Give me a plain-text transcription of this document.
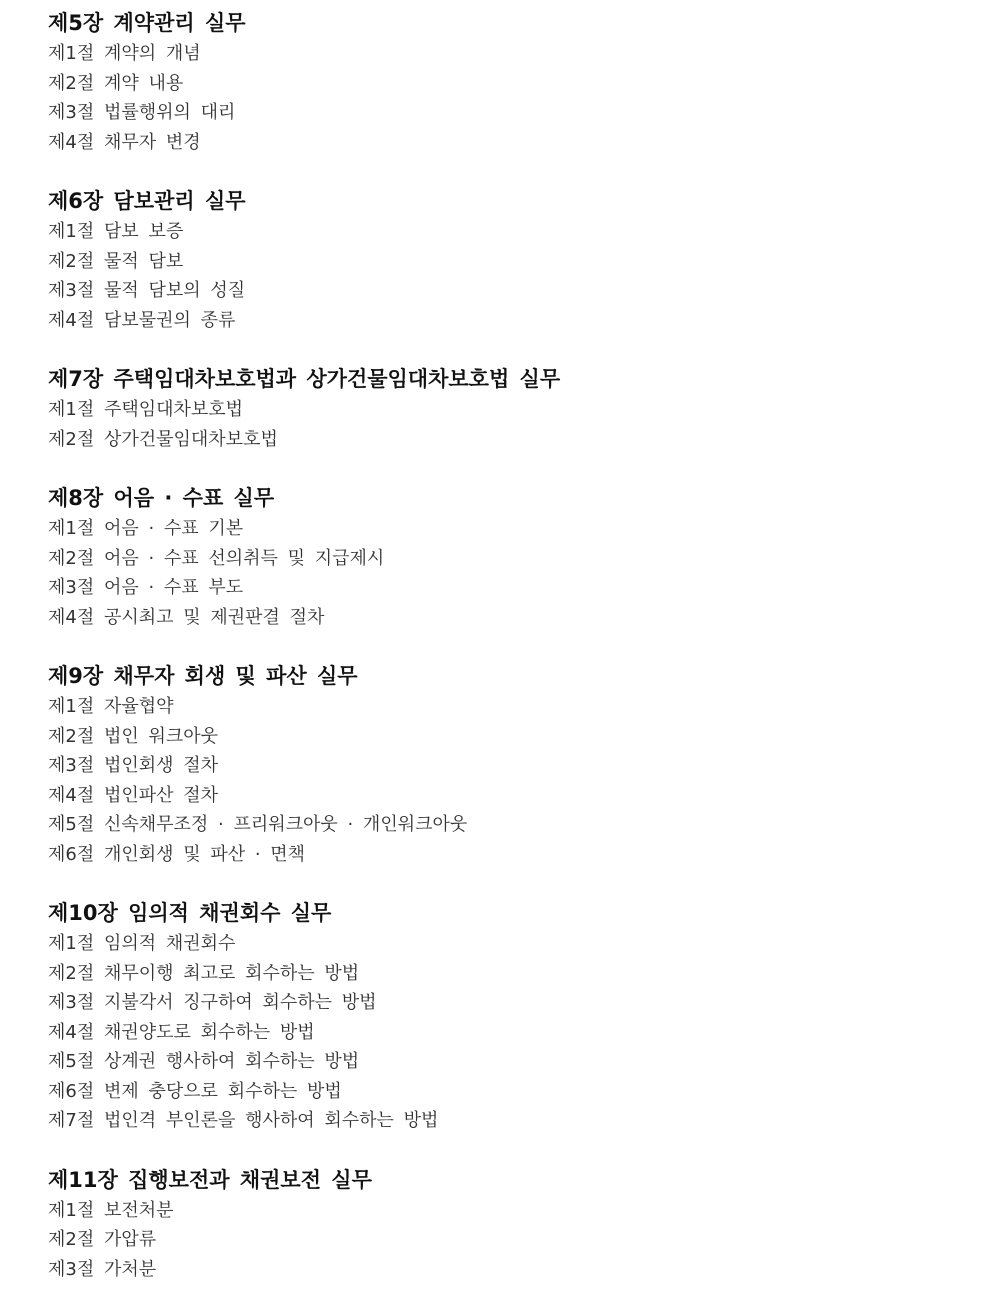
제5장 계약관리 실무
제1절 계약의 개념
제2절 계약 내용
제3절 법률행위의 대리
제4절 채무자 변경
제6장 담보관리 실무
제1절 담보 보증
제2절 물적 담보
제3절 물적 담보의 성질
제4절 담보물권의 종류
제7장 주택임대차보호법과 상가건물임대차보호법 실무
제1절 주택임대차보호법
제2절 상가건물임대차보호법
제8장 어음 · 수표 실무
제1절 어음 · 수표 기본
제2절 어음 · 수표 선의취득 및 지급제시
제3절 어음 · 수표 부도
제4절 공시최고 및 제권판결 절차
제9장 채무자 회생 및 파산 실무
제1절 자율협약
제2절 법인 워크아웃
제3절 법인회생 절차
제4절 법인파산 절차
제5절 신속채무조정 · 프리워크아웃 · 개인워크아웃
제6절 개인회생 및 파산 · 면책
제10장 임의적 채권회수 실무
제1절 임의적 채권회수
제2절 채무이행 최고로 회수하는 방법
제3절 지불각서 징구하여 회수하는 방법
제4절 채권양도로 회수하는 방법
제5절 상계권 행사하여 회수하는 방법
제6절 변제 충당으로 회수하는 방법
제7절 법인격 부인론을 행사하여 회수하는 방법
제11장 집행보전과 채권보전 실무
제1절 보전처분
제2절 가압류
제3절 가처분
